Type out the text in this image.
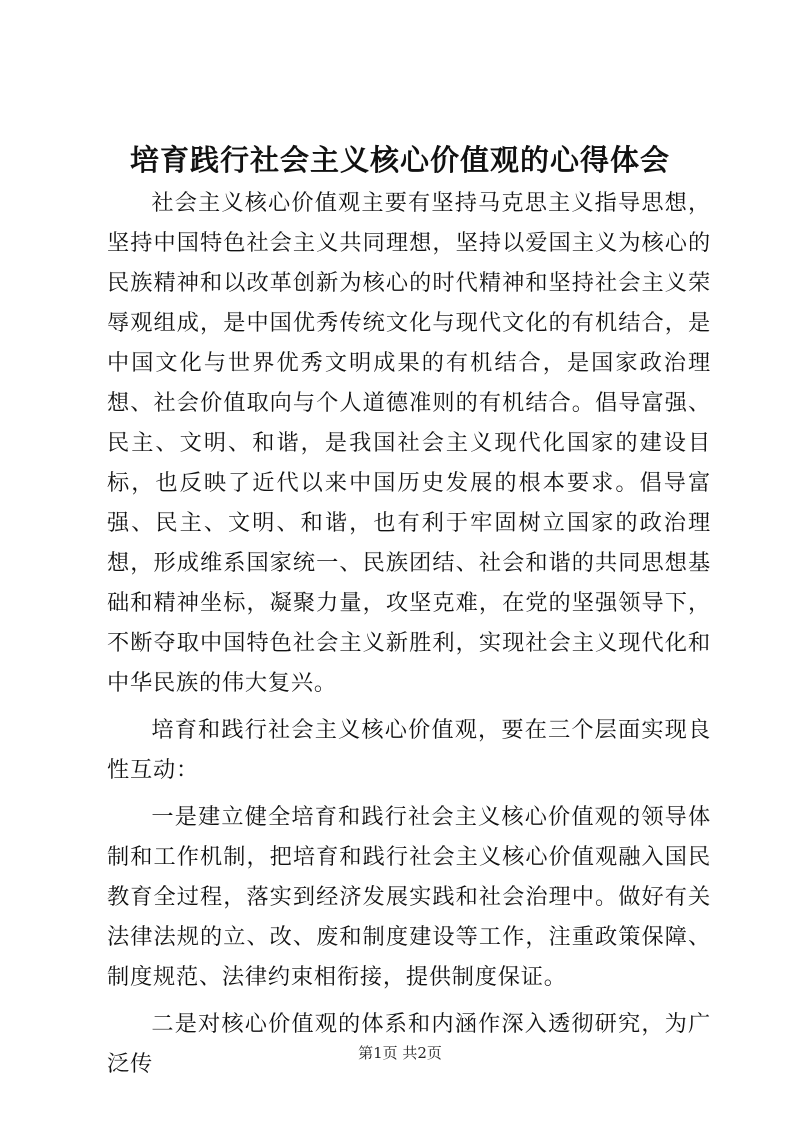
培育践行社会主义核心价值观的心得体会

社会主义核心价值观主要有坚持马克思主义指导思想，坚持中国特色社会主义共同理想，坚持以爱国主义为核心的民族精神和以改革创新为核心的时代精神和坚持社会主义荣辱观组成，是中国优秀传统文化与现代文化的有机结合，是中国文化与世界优秀文明成果的有机结合，是国家政治理想、社会价值取向与个人道德准则的有机结合。倡导富强、民主、文明、和谐，是我国社会主义现代化国家的建设目标，也反映了近代以来中国历史发展的根本要求。倡导富强、民主、文明、和谐，也有利于牢固树立国家的政治理想，形成维系国家统一、民族团结、社会和谐的共同思想基础和精神坐标，凝聚力量，攻坚克难，在党的坚强领导下，不断夺取中国特色社会主义新胜利，实现社会主义现代化和中华民族的伟大复兴。

培育和践行社会主义核心价值观，要在三个层面实现良性互动：

一是建立健全培育和践行社会主义核心价值观的领导体制和工作机制，把培育和践行社会主义核心价值观融入国民教育全过程，落实到经济发展实践和社会治理中。做好有关法律法规的立、改、废和制度建设等工作，注重政策保障、制度规范、法律约束相衔接，提供制度保证。

二是对核心价值观的体系和内涵作深入透彻研究，为广泛传	第1页 共2页
